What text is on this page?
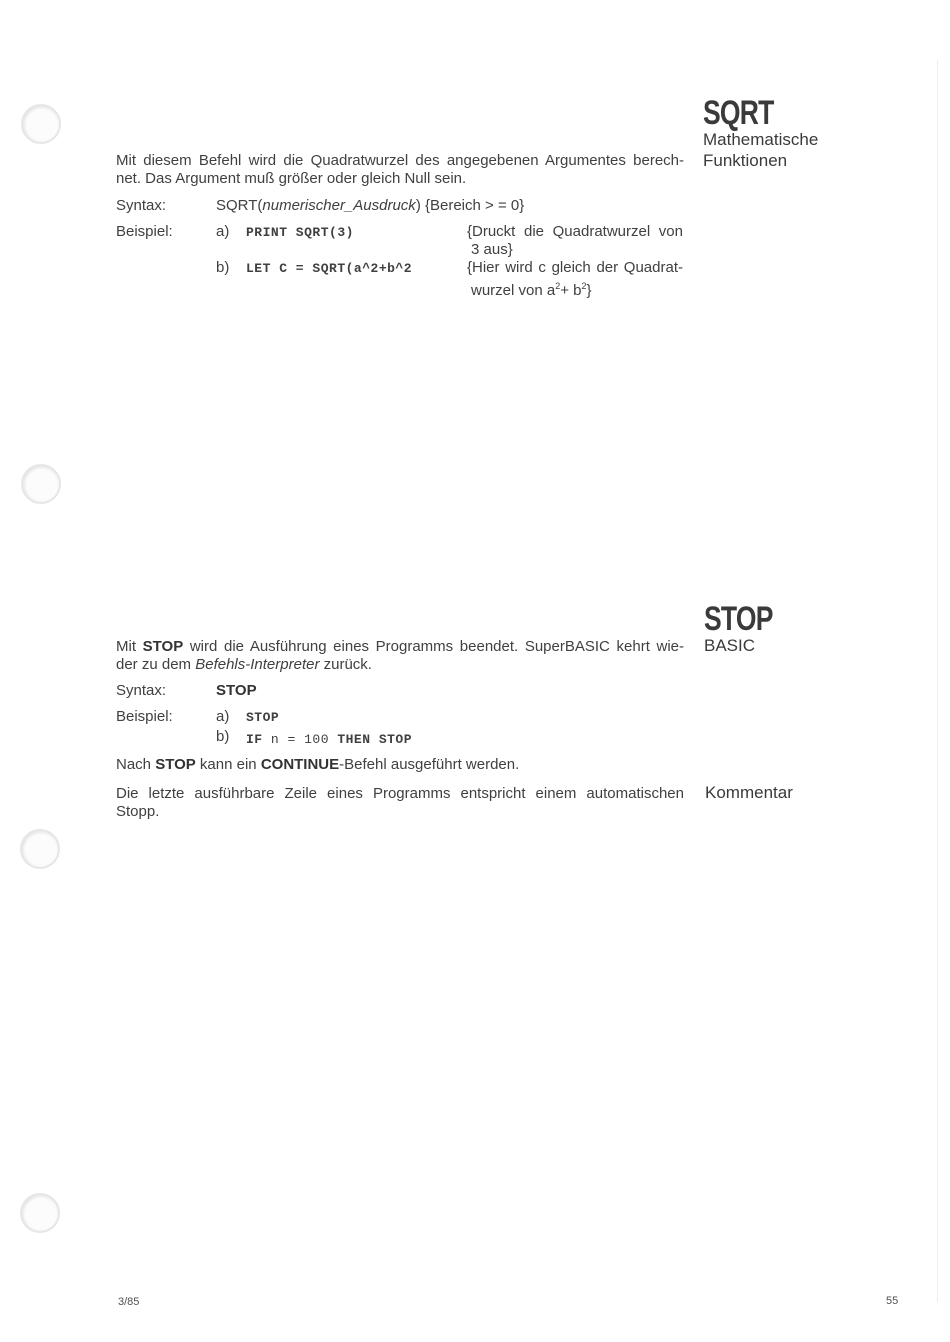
SQRT
Mathematische
Funktionen
Mit diesem Befehl wird die Quadratwurzel des angegebenen Argumentes berech-
net. Das Argument muß größer oder gleich Null sein.
Syntax:	SQRT(numerischer_Ausdruck) {Bereich > = 0}
Beispiel:	a) PRINT SQRT(3)	{Druckt die Quadratwurzel von
3 aus}
b) LET C = SQRT(a^2+b^2	{Hier wird c gleich der Quadrat-
wurzel von $a^2+ b^2$}
STOP
BASIC
Mit STOP wird die Ausführung eines Programms beendet. SuperBASIC kehrt wie-
der zu dem Befehls-Interpreter zurück.
Syntax:	STOP
Beispiel:	a) STOP
b) IF n = 100 THEN STOP
Nach STOP kann ein CONTINUE-Befehl ausgeführt werden.
Die letzte ausführbare Zeile eines Programms entspricht einem automatischen
Stopp.
Kommentar
3/85	55
